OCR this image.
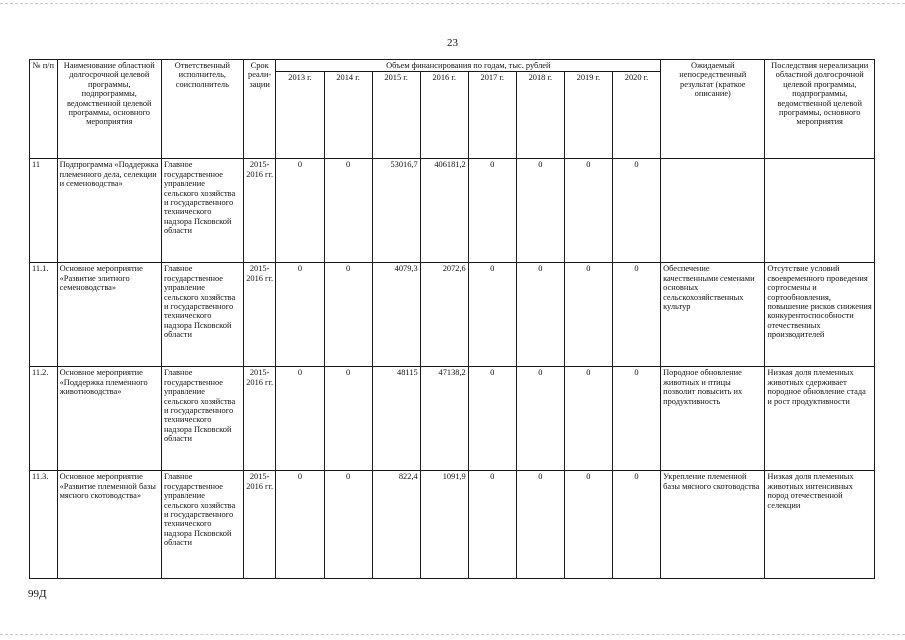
23
№ п/п	Наименование областной долгосрочной целевой программы, подпрограммы, ведомственной целевой программы, основного мероприятия	Ответственный исполнитель, соисполнитель	Срок реали-зации	Объем финансирования по годам, тыс. рублей								Ожидаемый непосредственный результат (краткое описание)	Последствия нереализации областной долгосрочной целевой программы, подпрограммы, ведомственной целевой программы, основного мероприятия
				2013 г.	2014 г.	2015 г.	2016 г.	2017 г.	2018 г.	2019 г.	2020 г.		
11	Подпрограмма «Поддержка племенного дела, селекции и семеноводства»	Главное государственное управление сельского хозяйства и государственного технического надзора Псковской области	2015-2016 гг.	0	0	53016,7	406181,2	0	0	0	0		
11.1.	Основное мероприятие «Развитие элитного семеноводства»	Главное государственное управление сельского хозяйства и государственного технического надзора Псковской области	2015-2016 гг.	0	0	4079,3	2072,6	0	0	0	0	Обеспечение качественными семенами основных сельскохозяйственных культур	Отсутствие условий своевременного проведения сортосмены и сортообновления, повышение рисков снижения конкурентоспособности отечественных производителей
11.2.	Основное мероприятие «Поддержка племенного животноводства»	Главное государственное управление сельского хозяйства и государственного технического надзора Псковской области	2015-2016 гг.	0	0	48115	47138,2	0	0	0	0	Породное обновление животных и птицы позволит повысить их продуктивность	Низкая доля племенных животных сдерживает породное обновление стада и рост продуктивности
11.3.	Основное мероприятие «Развитие племенной базы мясного скотоводства»	Главное государственное управление сельского хозяйства и государственного технического надзора Псковской области	2015-2016 гг.	0	0	822,4	1091,9	0	0	0	0	Укрепление племенной базы мясного скотоводства	Низкая доля племенных животных интенсивных пород отечественной селекции
99Д
